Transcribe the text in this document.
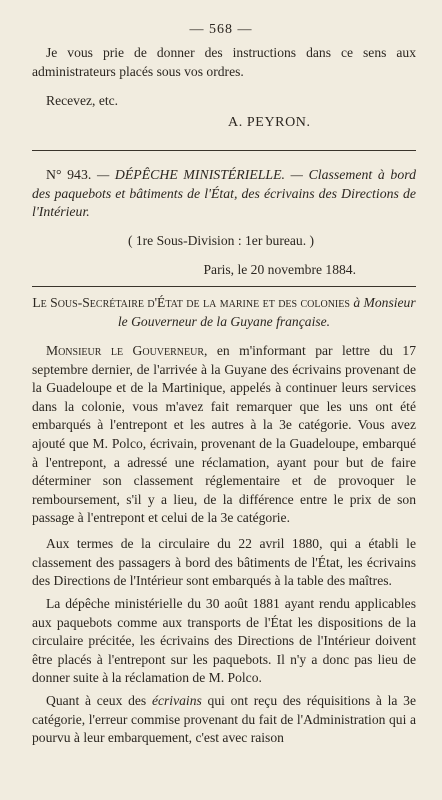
— 568 —
Je vous prie de donner des instructions dans ce sens aux administrateurs placés sous vos ordres.
Recevez, etc.
A. PEYRON.
N° 943. — DÉPÊCHE MINISTÉRIELLE. — Classement à bord des paquebots et bâtiments de l'État, des écrivains des Directions de l'Intérieur.
( 1re Sous-Division : 1er bureau. )
Paris, le 20 novembre 1884.
Le Sous-Secrétaire d'État de la marine et des colonies à Monsieur le Gouverneur de la Guyane française.
Monsieur le Gouverneur, en m'informant par lettre du 17 septembre dernier, de l'arrivée à la Guyane des écrivains provenant de la Guadeloupe et de la Martinique, appelés à continuer leurs services dans la colonie, vous m'avez fait remarquer que les uns ont été embarqués à l'entrepont et les autres à la 3e catégorie. Vous avez ajouté que M. Polco, écrivain, provenant de la Guadeloupe, embarqué à l'entrepont, a adressé une réclamation, ayant pour but de faire déterminer son classement réglementaire et de provoquer le remboursement, s'il y a lieu, de la différence entre le prix de son passage à l'entrepont et celui de la 3e catégorie.
Aux termes de la circulaire du 22 avril 1880, qui a établi le classement des passagers à bord des bâtiments de l'État, les écrivains des Directions de l'Intérieur sont embarqués à la table des maîtres.
La dépêche ministérielle du 30 août 1881 ayant rendu applicables aux paquebots comme aux transports de l'État les dispositions de la circulaire précitée, les écrivains des Directions de l'Intérieur doivent être placés à l'entrepont sur les paquebots. Il n'y a donc pas lieu de donner suite à la réclamation de M. Polco.
Quant à ceux des écrivains qui ont reçu des réquisitions à la 3e catégorie, l'erreur commise provenant du fait de l'Administration qui a pourvu à leur embarquement, c'est avec raison
